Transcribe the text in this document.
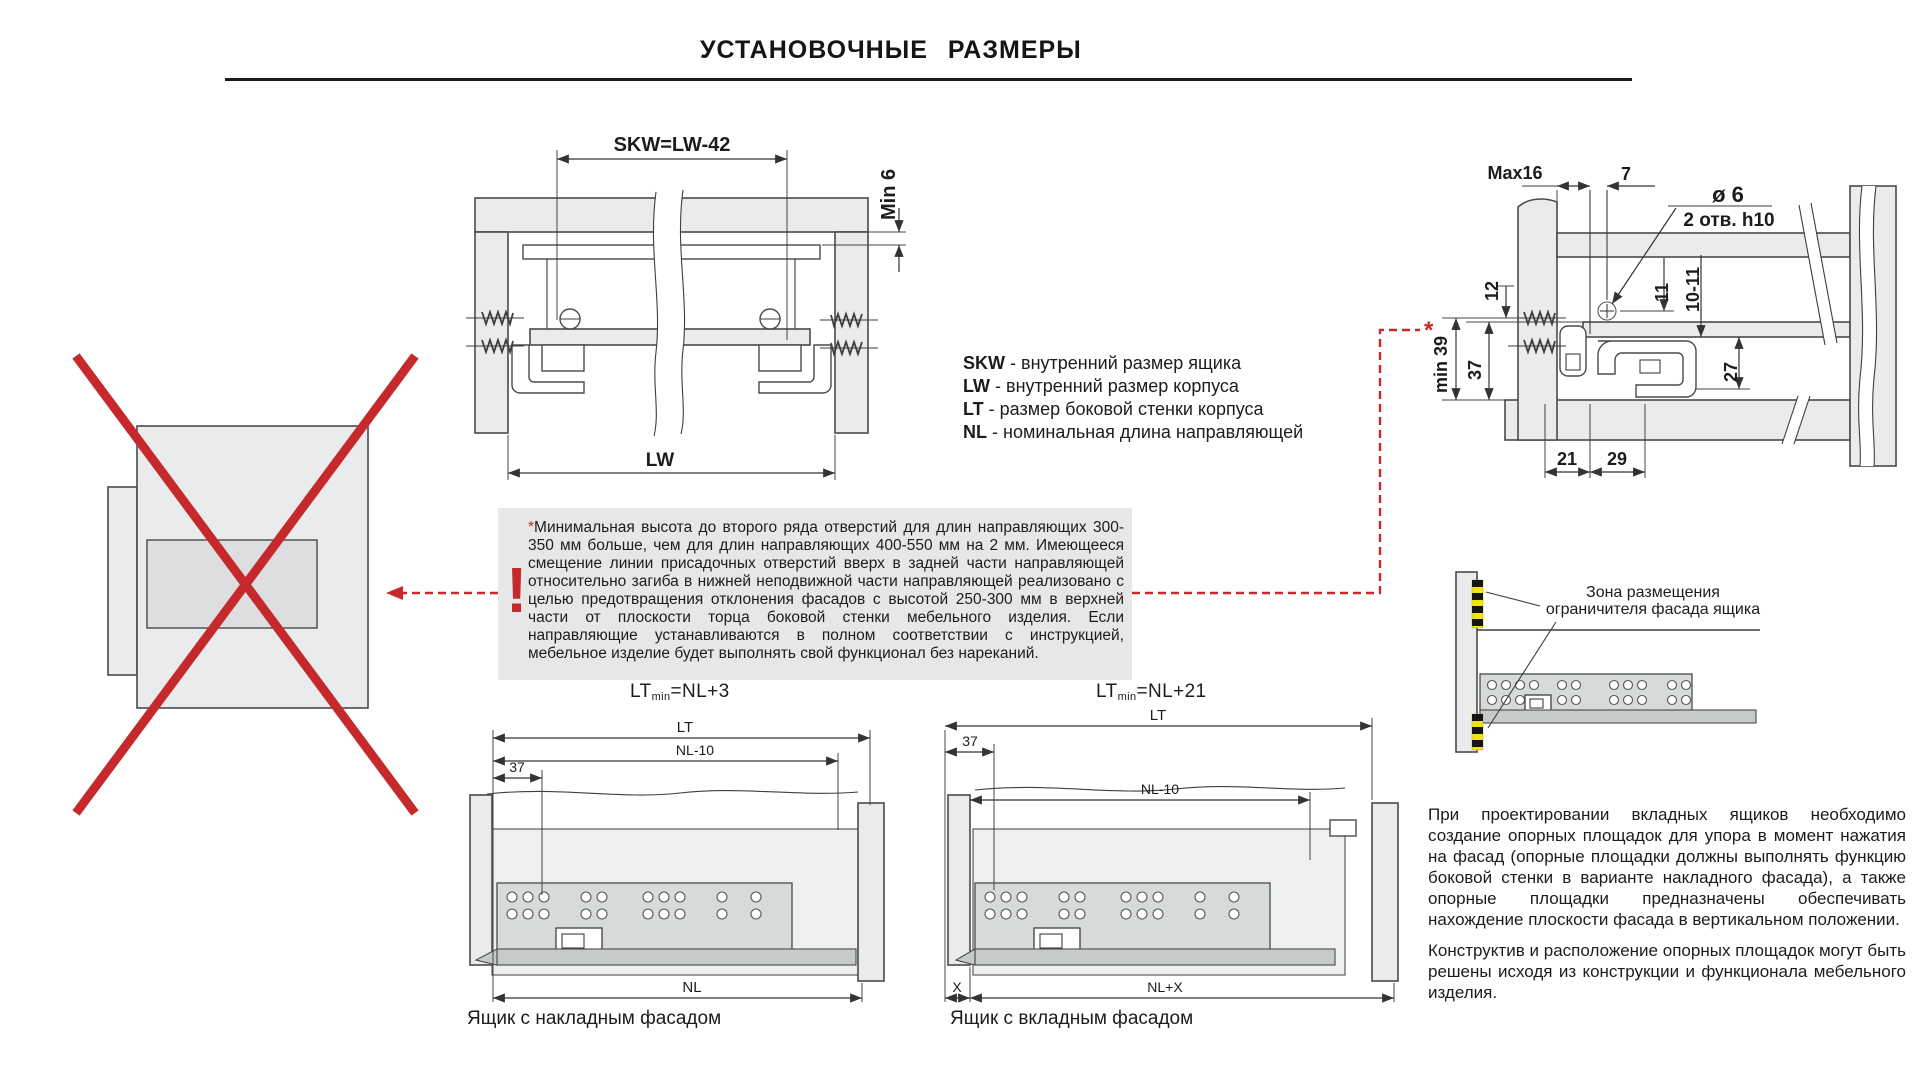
УСТАНОВОЧНЫЕ РАЗМЕРЫ
SKW=LW-42
Min 6
LW
*
Max16	7
ø 6
2 отв. h10
12
min 39 37
11 10-11
27
21 29
LT
NL-10
37
NL
LT
37
NL-10
X	NL+X
SKW - внутренний размер ящика
LW - внутренний размер корпуса
LT - размер боковой стенки корпуса
NL - номинальная длина направляющей
!
*Минимальная высота до второго ряда отверстий для длин направляющих 300-350 мм больше, чем для длин направляющих 400-550 мм на 2 мм. Имеющееся смещение линии присадочных отверстий вверх в задней части направляющей относительно загиба в нижней неподвижной части направляющей реализовано с целью предотвращения отклонения фасадов с высотой 250-300 мм в верхней части от плоскости торца боковой стенки мебельного изделия. Если направляющие устанавливаются в полном соответствии с инструкцией, мебельное изделие будет выполнять свой функционал без нареканий.
$LT_{min}=NL+3$	$LT_{min}=NL+21$
Ящик с накладным фасадом	Ящик с вкладным фасадом
Зона размещения
ограничителя фасада ящика

При проектировании вкладных ящиков необходимо создание опорных площадок для упора в момент нажатия на фасад (опорные площадки должны выполнять функцию боковой стенки в варианте накладного фасада), а также опорные площадки предназначены обеспечивать нахождение плоскости фасада в вертикальном положении.

Конструктив и расположение опорных площадок могут быть решены исходя из конструкции и функционала мебельного изделия.
